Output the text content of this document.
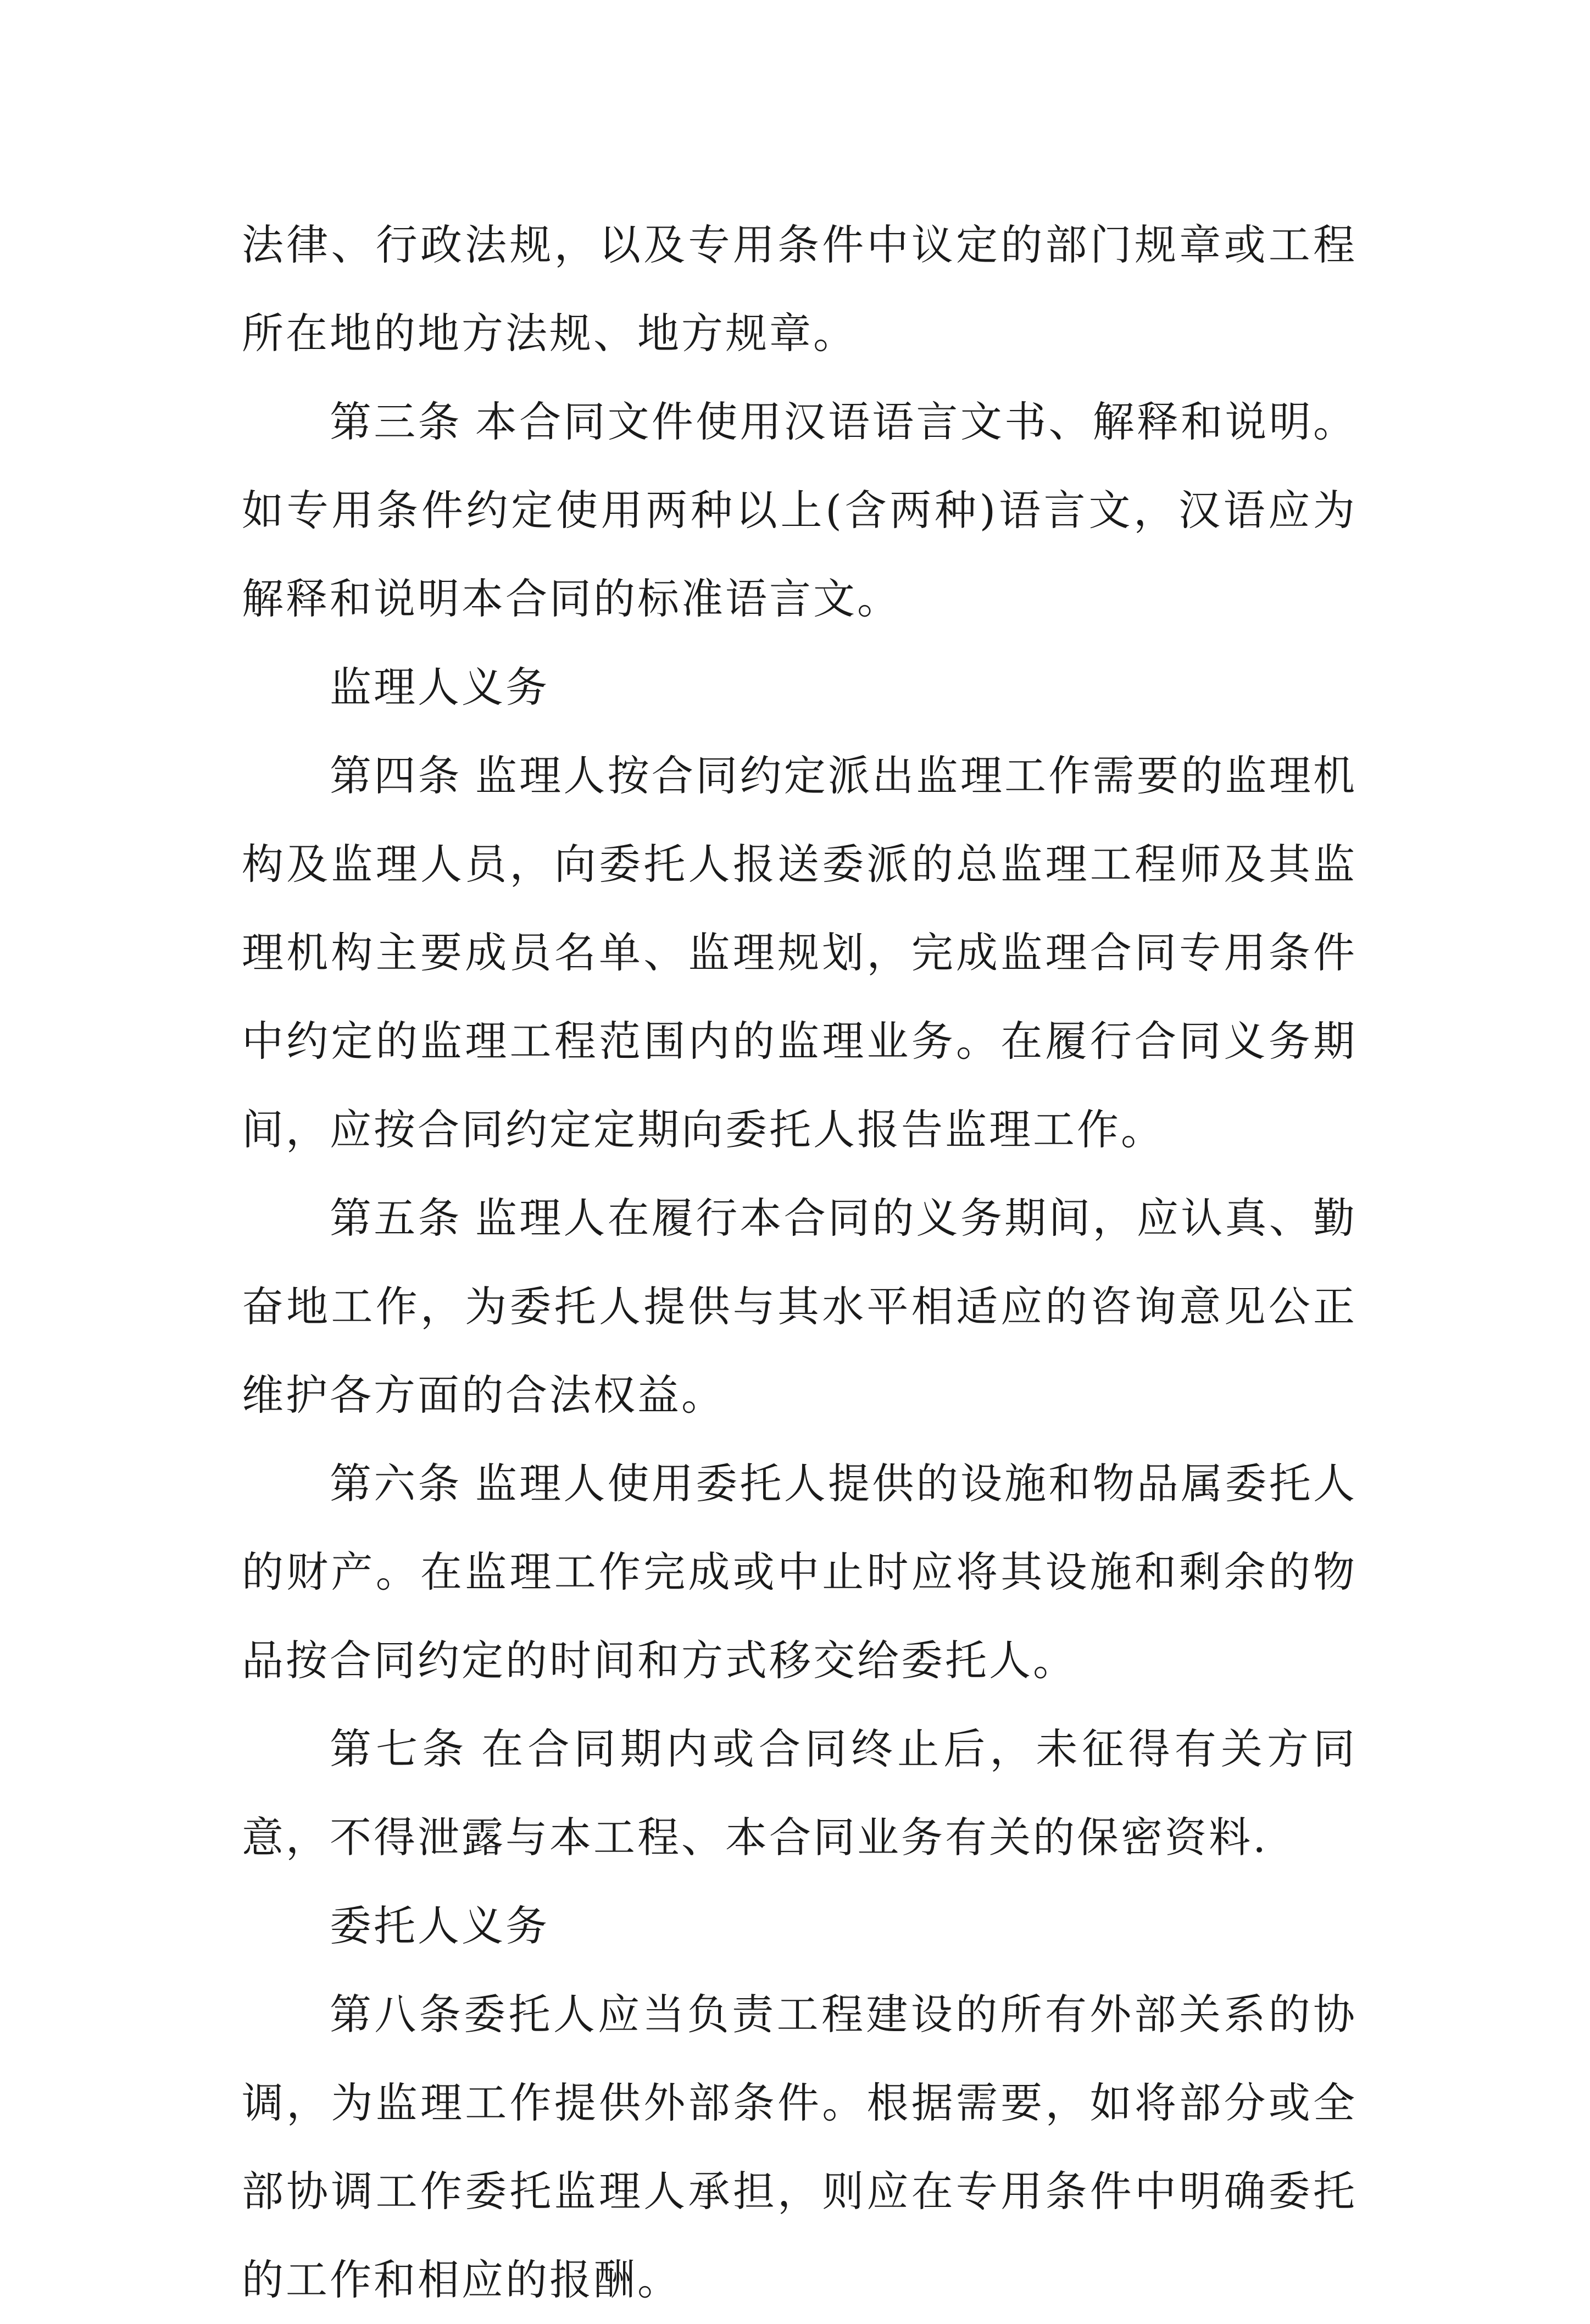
法律、行政法规，以及专用条件中议定的部门规章或工程所在地的地方法规、地方规章。

第三条 本合同文件使用汉语语言文书、解释和说明。如专用条件约定使用两种以上(含两种)语言文，汉语应为解释和说明本合同的标准语言文。

监理人义务

第四条 监理人按合同约定派出监理工作需要的监理机构及监理人员，向委托人报送委派的总监理工程师及其监理机构主要成员名单、监理规划，完成监理合同专用条件中约定的监理工程范围内的监理业务。在履行合同义务期间，应按合同约定定期向委托人报告监理工作。

第五条 监理人在履行本合同的义务期间，应认真、勤奋地工作，为委托人提供与其水平相适应的咨询意见公正维护各方面的合法权益。

第六条 监理人使用委托人提供的设施和物品属委托人的财产。在监理工作完成或中止时应将其设施和剩余的物品按合同约定的时间和方式移交给委托人。

第七条 在合同期内或合同终止后，未征得有关方同意，不得泄露与本工程、本合同业务有关的保密资料.

委托人义务

第八条委托人应当负责工程建设的所有外部关系的协调，为监理工作提供外部条件。根据需要，如将部分或全部协调工作委托监理人承担，则应在专用条件中明确委托的工作和相应的报酬。
